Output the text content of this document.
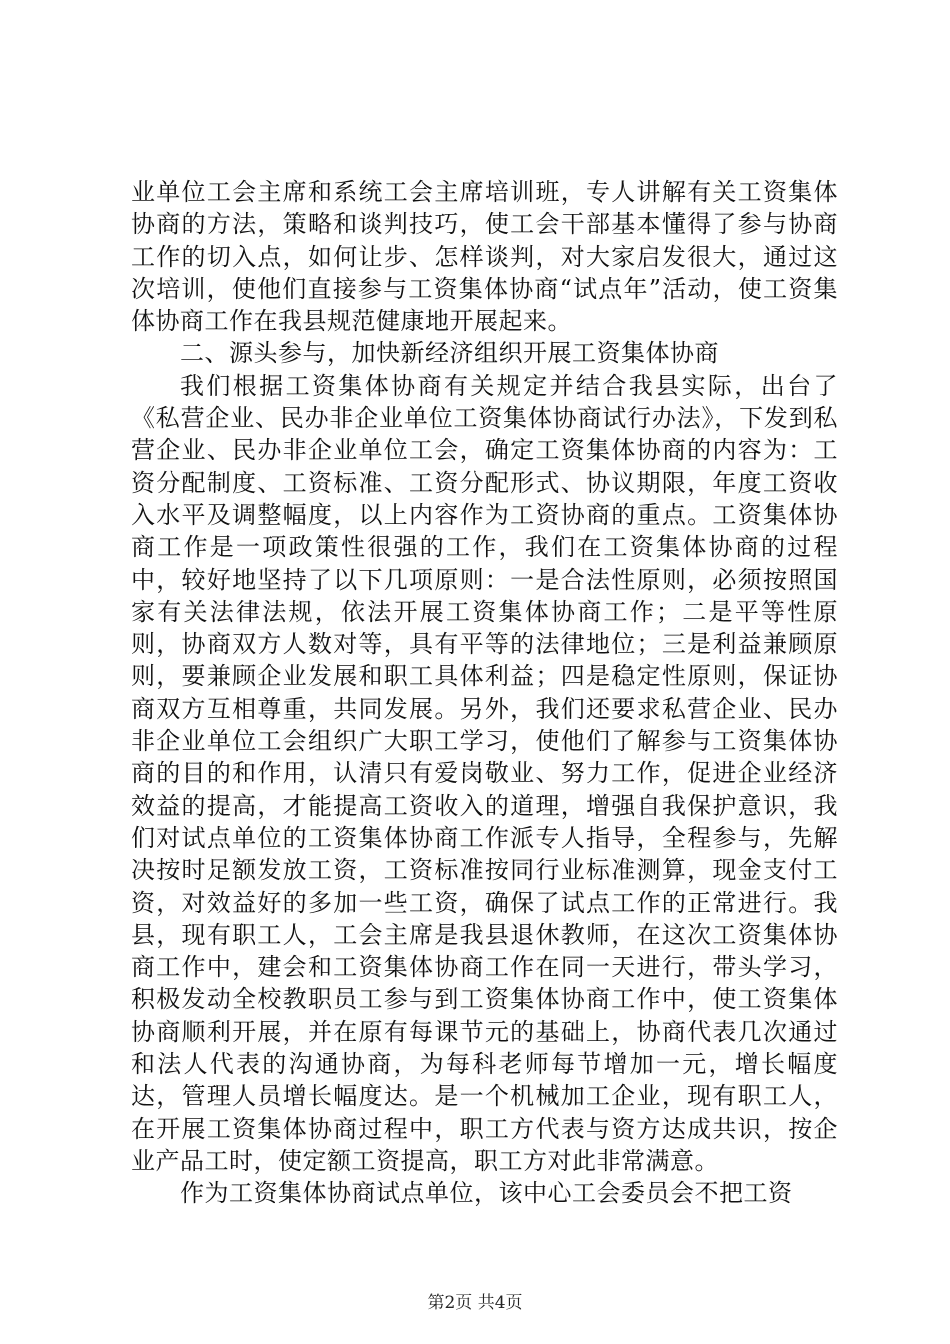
业单位工会主席和系统工会主席培训班，专人讲解有关工资集体协商的方法，策略和谈判技巧，使工会干部基本懂得了参与协商工作的切入点，如何让步、怎样谈判，对大家启发很大，通过这次培训，使他们直接参与工资集体协商“试点年”活动，使工资集体协商工作在我县规范健康地开展起来。

二、源头参与，加快新经济组织开展工资集体协商

我们根据工资集体协商有关规定并结合我县实际，出台了《私营企业、民办非企业单位工资集体协商试行办法》，下发到私营企业、民办非企业单位工会，确定工资集体协商的内容为：工资分配制度、工资标准、工资分配形式、协议期限，年度工资收入水平及调整幅度，以上内容作为工资协商的重点。工资集体协商工作是一项政策性很强的工作，我们在工资集体协商的过程中，较好地坚持了以下几项原则：一是合法性原则，必须按照国家有关法律法规，依法开展工资集体协商工作；二是平等性原则，协商双方人数对等，具有平等的法律地位；三是利益兼顾原则，要兼顾企业发展和职工具体利益；四是稳定性原则，保证协商双方互相尊重，共同发展。另外，我们还要求私营企业、民办非企业单位工会组织广大职工学习，使他们了解参与工资集体协商的目的和作用，认清只有爱岗敬业、努力工作，促进企业经济效益的提高，才能提高工资收入的道理，增强自我保护意识，我们对试点单位的工资集体协商工作派专人指导，全程参与，先解决按时足额发放工资，工资标准按同行业标准测算，现金支付工资，对效益好的多加一些工资，确保了试点工作的正常进行。我县，现有职工人，工会主席是我县退休教师，在这次工资集体协商工作中，建会和工资集体协商工作在同一天进行，带头学习，积极发动全校教职员工参与到工资集体协商工作中，使工资集体协商顺利开展，并在原有每课节元的基础上，协商代表几次通过和法人代表的沟通协商，为每科老师每节增加一元，增长幅度达，管理人员增长幅度达。是一个机械加工企业，现有职工人，在开展工资集体协商过程中，职工方代表与资方达成共识，按企业产品工时，使定额工资提高，职工方对此非常满意。

作为工资集体协商试点单位，该中心工会委员会不把工资

第2页 共4页
